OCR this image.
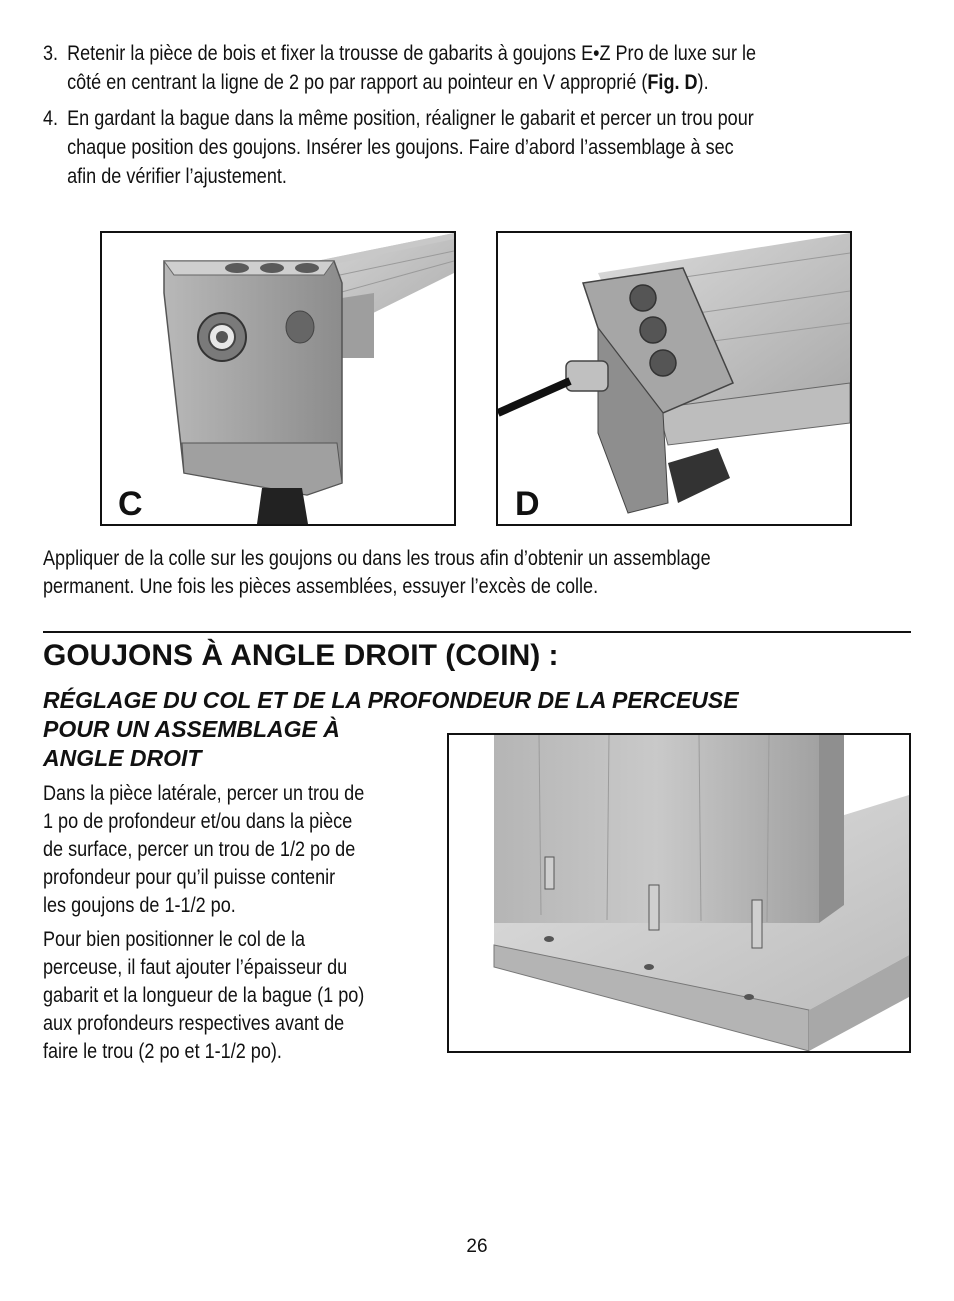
3. Retenir la pièce de bois et fixer la trousse de gabarits à goujons E•Z Pro de luxe sur le
côté en centrant la ligne de 2 po par rapport au pointeur en V approprié (Fig. D).
4. En gardant la bague dans la même position, réaligner le gabarit et percer un trou pour
chaque position des goujons. Insérer les goujons. Faire d’abord l’assemblage à sec
afin de vérifier l’ajustement.
C	D
Appliquer de la colle sur les goujons ou dans les trous afin d’obtenir un assemblage
permanent. Une fois les pièces assemblées, essuyer l’excès de colle.
GOUJONS À ANGLE DROIT (COIN) :
RÉGLAGE DU COL ET DE LA PROFONDEUR DE LA PERCEUSE
POUR UN ASSEMBLAGE À
ANGLE DROIT
Dans la pièce latérale, percer un trou de
1 po de profondeur et/ou dans la pièce
de surface, percer un trou de 1/2 po de
profondeur pour qu’il puisse contenir
les goujons de 1-1/2 po.
Pour bien positionner le col de la
perceuse, il faut ajouter l’épaisseur du
gabarit et la longueur de la bague (1 po)
aux profondeurs respectives avant de
faire le trou (2 po et 1-1/2 po).
26
